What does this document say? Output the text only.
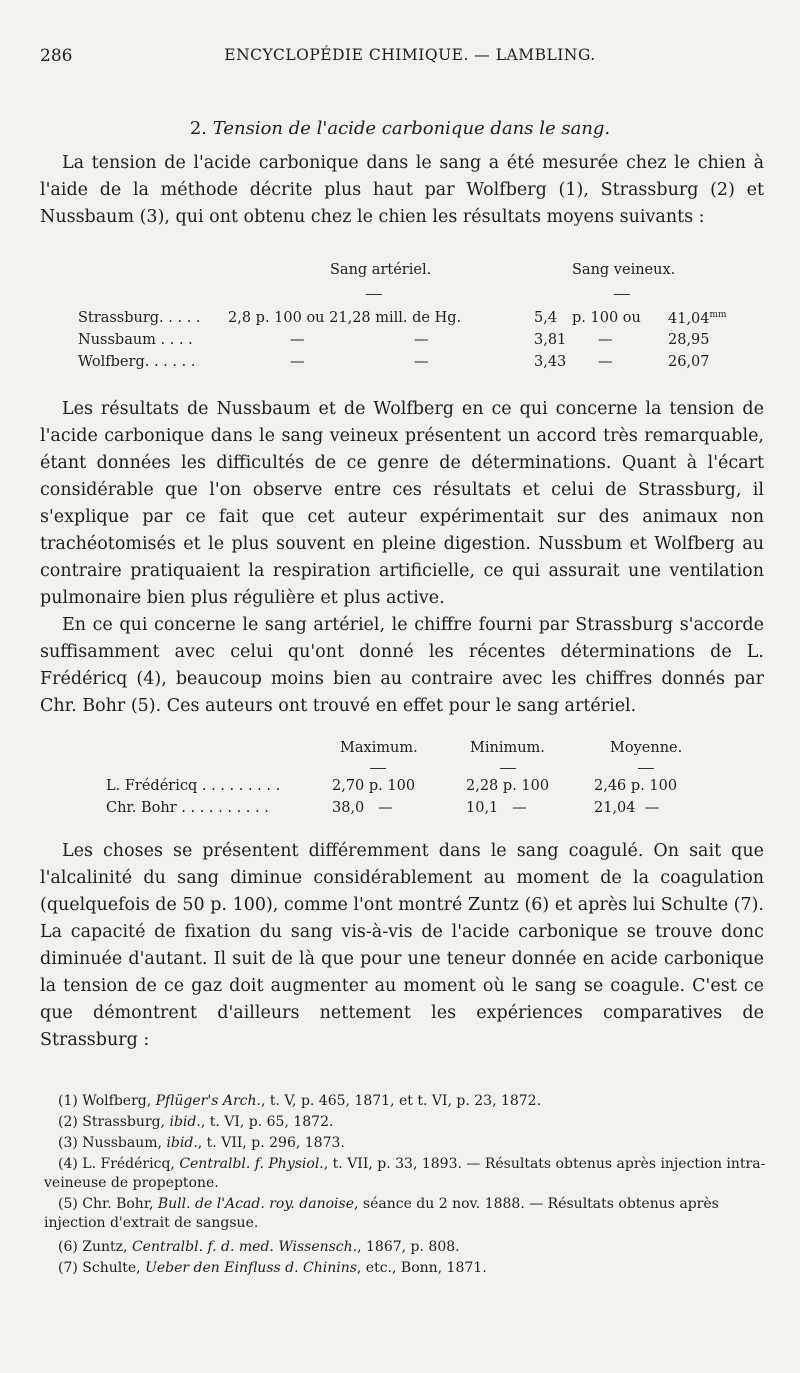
286	ENCYCLOPÉDIE CHIMIQUE. — LAMBLING.
2. Tension de l'acide carbonique dans le sang.

La tension de l'acide carbonique dans le sang a été mesurée chez le chien à l'aide de la méthode décrite plus haut par Wolfberg (1), Strassburg (2) et Nussbaum (3), qui ont obtenu chez le chien les résultats moyens suivants :

Sang artériel.	Sang veineux.
Strassburg. . . . . 2,8 p. 100 ou 21,28 mill. de Hg.	5,4 p. 100 ou $41,04^{mm}$
Nussbaum . . . .	—	—	3,81 —	28,95
Wolfberg. . . . . .	—	—	3,43 —	26,07

Les résultats de Nussbaum et de Wolfberg en ce qui concerne la tension de l'acide carbonique dans le sang veineux présentent un accord très remarquable, étant données les difficultés de ce genre de déterminations. Quant à l'écart considérable que l'on observe entre ces résultats et celui de Strassburg, il s'explique par ce fait que cet auteur expérimentait sur des animaux non trachéotomisés et le plus souvent en pleine digestion. Nussbum et Wolfberg au contraire pratiquaient la respiration artificielle, ce qui assurait une ventilation pulmonaire bien plus régulière et plus active.

En ce qui concerne le sang artériel, le chiffre fourni par Strassburg s'accorde suffisamment avec celui qu'ont donné les récentes déterminations de L. Frédéricq (4), beaucoup moins bien au contraire avec les chiffres donnés par Chr. Bohr (5). Ces auteurs ont trouvé en effet pour le sang artériel.

Maximum.	Minimum.	Moyenne.
L. Frédéricq . . . . . . . . .	2,70 p. 100	2,28 p. 100	2,46 p. 100
Chr. Bohr . . . . . . . . . .	38,0   —	10,1   —	21,04  —

Les choses se présentent différemment dans le sang coagulé. On sait que l'alcalinité du sang diminue considérablement au moment de la coagulation (quelquefois de 50 p. 100), comme l'ont montré Zuntz (6) et après lui Schulte (7). La capacité de fixation du sang vis-à-vis de l'acide carbonique se trouve donc diminuée d'autant. Il suit de là que pour une teneur donnée en acide carbonique la tension de ce gaz doit augmenter au moment où le sang se coagule. C'est ce que démontrent d'ailleurs nettement les expériences comparatives de Strassburg :

(1) Wolfberg, Pflüger's Arch., t. V, p. 465, 1871, et t. VI, p. 23, 1872.

(2) Strassburg, ibid., t. VI, p. 65, 1872.

(3) Nussbaum, ibid., t. VII, p. 296, 1873.

(4) L. Frédéricq, Centralbl. f. Physiol., t. VII, p. 33, 1893. — Résultats obtenus après injection intra-veineuse de propeptone.

(5) Chr. Bohr, Bull. de l'Acad. roy. danoise, séance du 2 nov. 1888. — Résultats obtenus après injection d'extrait de sangsue.

(6) Zuntz, Centralbl. f. d. med. Wissensch., 1867, p. 808.

(7) Schulte, Ueber den Einfluss d. Chinins, etc., Bonn, 1871.
